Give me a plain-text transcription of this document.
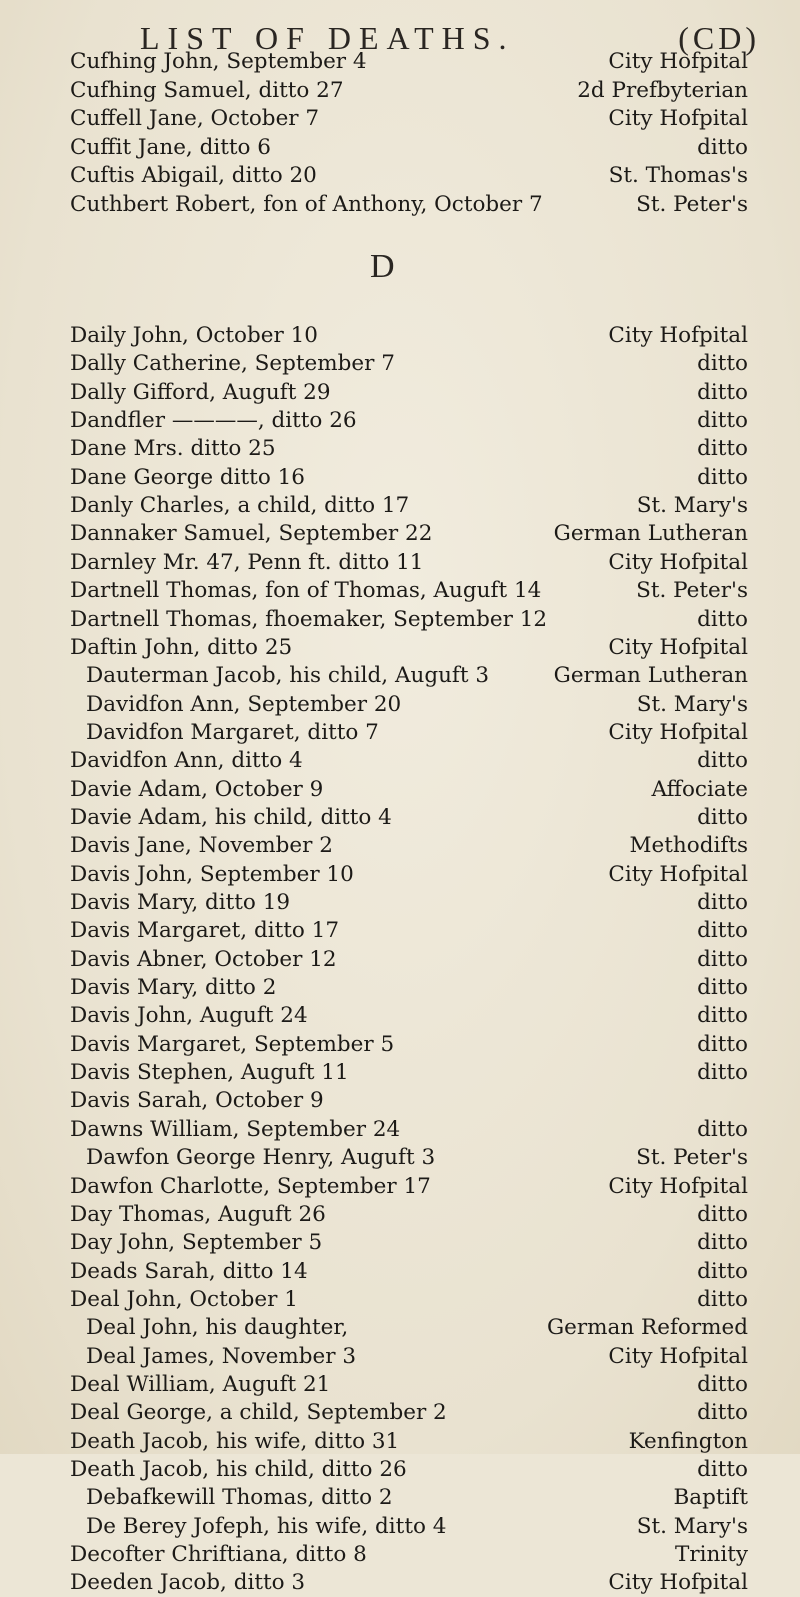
LIST OF DEATHS.	(CD)
D
Cufhing John, September 4	City Hofpital
Cufhing Samuel, ditto 27	2d Prefbyterian
Cuffell Jane, October 7	City Hofpital
Cuffit Jane, ditto 6	ditto
Cuftis Abigail, ditto 20	St. Thomas's
Cuthbert Robert, fon of Anthony, October 7	St. Peter's
Daily John, October 10	City Hofpital
Dally Catherine, September 7	ditto
Dally Gifford, Auguft 29	ditto
Dandfler ————, ditto 26	ditto
Dane Mrs. ditto 25	ditto
Dane George ditto 16	ditto
Danly Charles, a child, ditto 17	St. Mary's
Dannaker Samuel, September 22	German Lutheran
Darnley Mr. 47, Penn ft. ditto 11	City Hofpital
Dartnell Thomas, fon of Thomas, Auguft 14	St. Peter's
Dartnell Thomas, fhoemaker, September 12	ditto
Daftin John, ditto 25	City Hofpital
Dauterman Jacob, his child, Auguft 3	German Lutheran
Davidfon Ann, September 20	St. Mary's
Davidfon Margaret, ditto 7	City Hofpital
Davidfon Ann, ditto 4	ditto
Davie Adam, October 9	Affociate
Davie Adam, his child, ditto 4	ditto
Davis Jane, November 2	Methodifts
Davis John, September 10	City Hofpital
Davis Mary, ditto 19	ditto
Davis Margaret, ditto 17	ditto
Davis Abner, October 12	ditto
Davis Mary, ditto 2	ditto
Davis John, Auguft 24	ditto
Davis Margaret, September 5	ditto
Davis Stephen, Auguft 11	ditto
Davis Sarah, October 9
Dawns William, September 24	ditto
Dawfon George Henry, Auguft 3	St. Peter's
Dawfon Charlotte, September 17	City Hofpital
Day Thomas, Auguft 26	ditto
Day John, September 5	ditto
Deads Sarah, ditto 14	ditto
Deal John, October 1	ditto
Deal John, his daughter,	German Reformed
Deal James, November 3	City Hofpital
Deal William, Auguft 21	ditto
Deal George, a child, September 2	ditto
Death Jacob, his wife, ditto 31	Kenfington
Death Jacob, his child, ditto 26	ditto
Debafkewill Thomas, ditto 2	Baptift
De Berey Jofeph, his wife, ditto 4	St. Mary's
Decofter Chriftiana, ditto 8	Trinity
Deeden Jacob, ditto 3	City Hofpital
